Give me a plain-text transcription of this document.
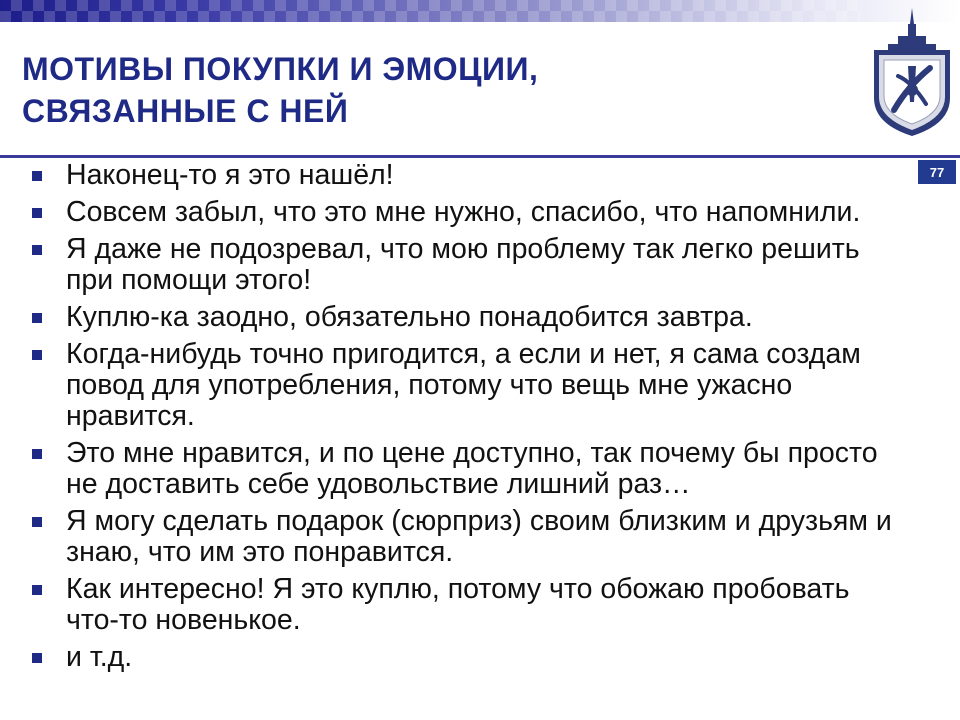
МОТИВЫ ПОКУПКИ И ЭМОЦИИ,
СВЯЗАННЫЕ С НЕЙ
77
Наконец-то я это нашёл!
Совсем забыл, что это мне нужно, спасибо, что напомнили.
Я даже не подозревал, что мою проблему так легко решить при помощи этого!
Куплю-ка заодно, обязательно понадобится завтра.
Когда-нибудь точно пригодится, а если и нет, я сама создам повод для употребления, потому что вещь мне ужасно нравится.
Это мне нравится, и по цене доступно, так почему бы просто не доставить себе удовольствие лишний раз…
Я могу сделать подарок (сюрприз) своим близким и друзьям и знаю, что им это понравится.
Как интересно! Я это куплю, потому что обожаю пробовать что-то новенькое.
и т.д.
